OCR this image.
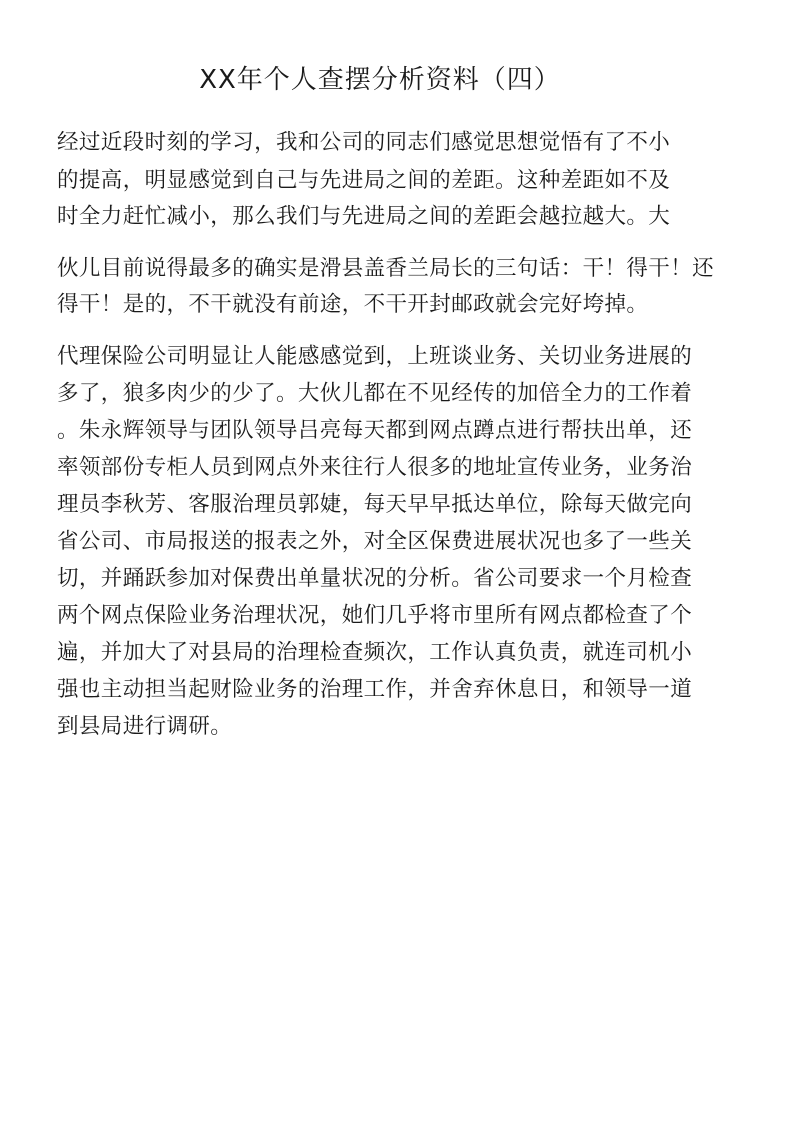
XX年个人查摆分析资料（四）
经过近段时刻的学习，我和公司的同志们感觉思想觉悟有了不小
的提高，明显感觉到自己与先进局之间的差距。这种差距如不及
时全力赶忙减小，那么我们与先进局之间的差距会越拉越大。大
伙儿目前说得最多的确实是滑县盖香兰局长的三句话：干！得干！还
得干！是的，不干就没有前途，不干开封邮政就会完好垮掉。
代理保险公司明显让人能感感觉到，上班谈业务、关切业务进展的
多了，狼多肉少的少了。大伙儿都在不见经传的加倍全力的工作着
。朱永辉领导与团队领导吕亮每天都到网点蹲点进行帮扶出单，还
率领部份专柜人员到网点外来往行人很多的地址宣传业务，业务治
理员李秋芳、客服治理员郭婕，每天早早抵达单位，除每天做完向
省公司、市局报送的报表之外，对全区保费进展状况也多了一些关
切，并踊跃参加对保费出单量状况的分析。省公司要求一个月检查
两个网点保险业务治理状况，她们几乎将市里所有网点都检查了个
遍，并加大了对县局的治理检查频次，工作认真负责，就连司机小
强也主动担当起财险业务的治理工作，并舍弃休息日，和领导一道
到县局进行调研。
